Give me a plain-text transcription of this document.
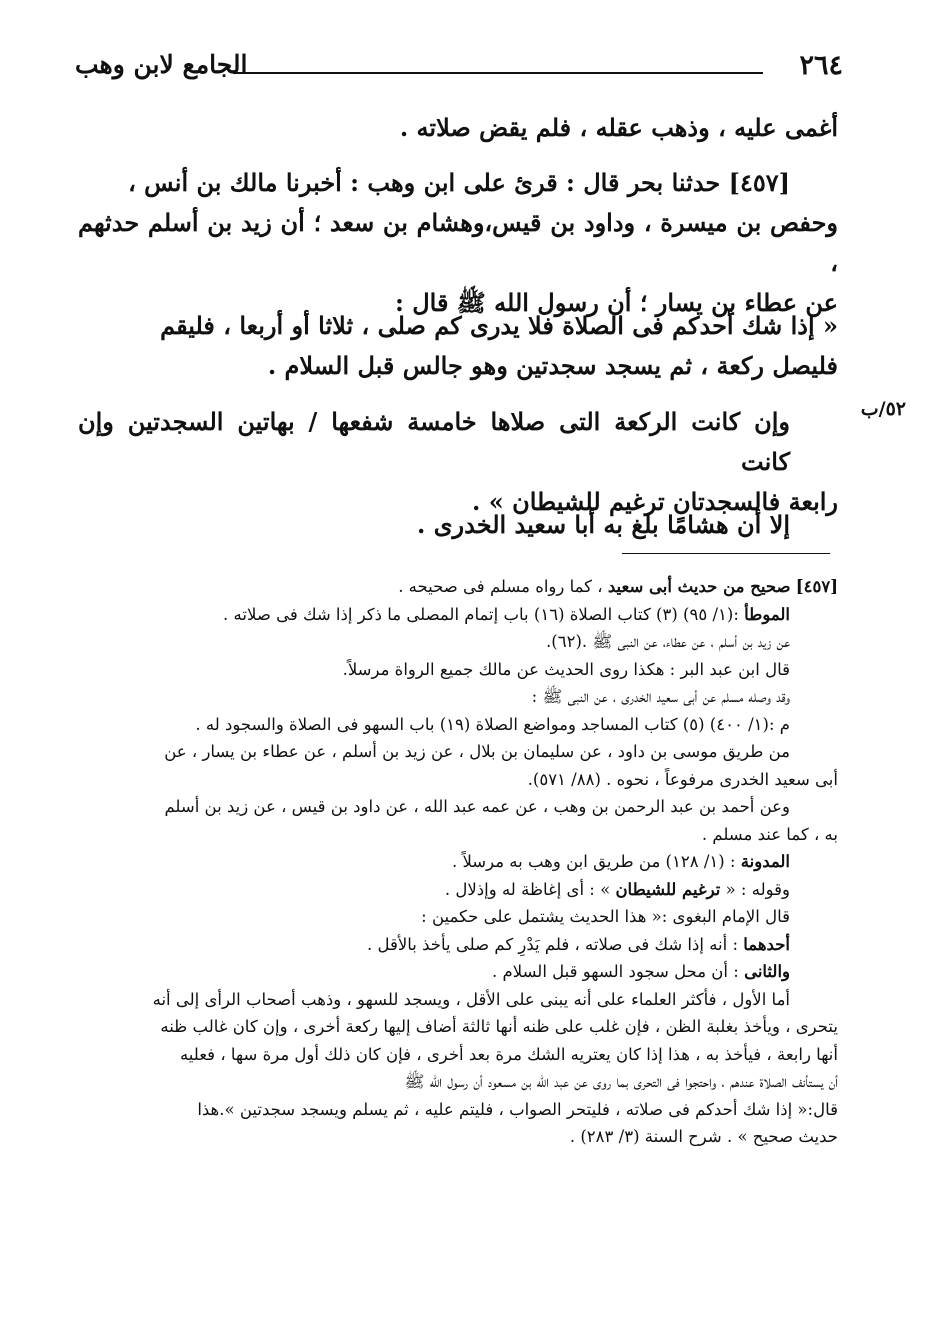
٢٦٤
الجامع لابن وهب

أغمى عليه ، وذهب عقله ، فلم يقض صلاته .

[٤٥٧] حدثنا بحر قال : قرئ على ابن وهب : أخبرنا مالك بن أنس ،

وحفص بن ميسرة ، وداود بن قيس،وهشام بن سعد ؛ أن زيد بن أسلم حدثهم ،

عن عطاء بن يسار ؛ أن رسول الله ﷺ قال :

« إذا شك أحدكم فى الصلاة فلا يدرى كم صلى ، ثلاثا أو أربعا ، فليقم

فليصل ركعة ، ثم يسجد سجدتين وهو جالس قبل السلام .

وإن كانت الركعة التى صلاها خامسة شفعها / بهاتين السجدتين وإن كانت

رابعة فالسجدتان ترغيم للشيطان » .

٥٢/ب

إلا أن هشامًا بلغ به أبا سعيد الخدرى .

[٤٥٧] صحيح من حديث أبى سعيد ، كما رواه مسلم فى صحيحه .

الموطأ :(١/ ٩٥) (٣) كتاب الصلاة (١٦) باب إتمام المصلى ما ذكر إذا شك فى صلاته .

عن زيد بن أسلم ، عن عطاء، عن النبى ﷺ .(٦٢).

قال ابن عبد البر : هكذا روى الحديث عن مالك جميع الرواة مرسلاً.

وقد وصله مسلم عن أبى سعيد الخدرى ، عن النبى ﷺ :

م :(١/ ٤٠٠) (٥) كتاب المساجد ومواضع الصلاة (١٩) باب السهو فى الصلاة والسجود له .

من طريق موسى بن داود ، عن سليمان بن بلال ، عن زيد بن أسلم ، عن عطاء بن يسار ، عن

أبى سعيد الخدرى مرفوعاً ، نحوه . (٨٨/ ٥٧١).

وعن أحمد بن عبد الرحمن بن وهب ، عن عمه عبد الله ، عن داود بن قيس ، عن زيد بن أسلم

به ، كما عند مسلم .

المدونة : (١/ ١٢٨) من طريق ابن وهب به مرسلاً .

وقوله : « ترغيم للشيطان » : أى إغاظة له وإذلال .

قال الإمام البغوى :« هذا الحديث يشتمل على حكمين :

أحدهما : أنه إذا شك فى صلاته ، فلم يَدْرِ كم صلى يأخذ بالأقل .

والثانى : أن محل سجود السهو قبل السلام .

أما الأول ، فأكثر العلماء على أنه يبنى على الأقل ، ويسجد للسهو ، وذهب أصحاب الرأى إلى أنه

يتحرى ، ويأخذ بغلبة الظن ، فإن غلب على ظنه أنها ثالثة أضاف إليها ركعة أخرى ، وإن كان غالب ظنه

أنها رابعة ، فيأخذ به ، هذا إذا كان يعتريه الشك مرة بعد أخرى ، فإن كان ذلك أول مرة سها ، فعليه

أن يستأنف الصلاة عندهم ، واحتجوا فى التحرى بما روى عن عبد الله بن مسعود أن رسول الله ﷺ

قال:« إذا شك أحدكم فى صلاته ، فليتحر الصواب ، فليتم عليه ، ثم يسلم ويسجد سجدتين ».هذا

حديث صحيح » . شرح السنة (٣/ ٢٨٣) .
